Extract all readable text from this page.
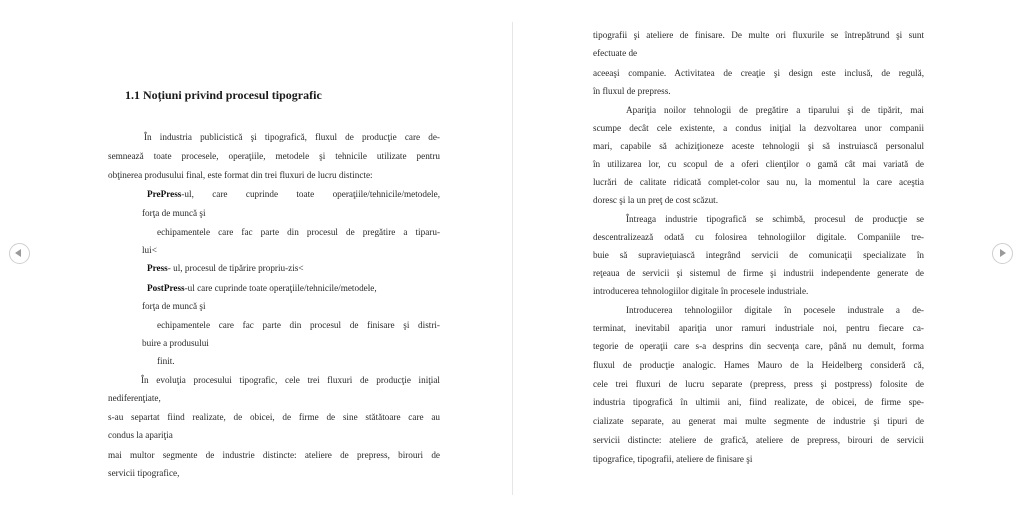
1.1 Noțiuni privind procesul tipografic
În industria publicistică şi tipografică, fluxul de producţie care de-
semnează toate procesele, operaţiile, metodele şi tehnicile utilizate pentru
obţinerea produsului final, este format din trei fluxuri de lucru distincte:
PrePress-ul, care cuprinde toate operaţiile/tehnicile/metodele,
forţa de muncă şi
echipamentele care fac parte din procesul de pregătire a tiparu-
lui<
Press- ul, procesul de tipărire propriu-zis<
PostPress-ul care cuprinde toate operaţiile/tehnicile/metodele,
forţa de muncă şi
echipamentele care fac parte din procesul de finisare şi distri-
buire a produsului
finit.
În evoluţia procesului tipografic, cele trei fluxuri de producţie iniţial
nediferenţiate,
s-au separtat fiind realizate, de obicei, de firme de sine stătătoare care au
condus la apariţia
mai multor segmente de industrie distincte: ateliere de prepress, birouri de
servicii tipografice,
tipografii şi ateliere de finisare. De multe ori fluxurile se întrepătrund şi sunt
efectuate de
aceeaşi companie. Activitatea de creaţie şi design este inclusă, de regulă,
în fluxul de prepress.
Apariţia noilor tehnologii de pregătire a tiparului şi de tipărit, mai
scumpe decât cele existente, a condus iniţial la dezvoltarea unor companii
mari, capabile să achiziţioneze aceste tehnologii şi să instruiască personalul
în utilizarea lor, cu scopul de a oferi clienţilor o gamă cât mai variată de
lucrări de calitate ridicată complet-color sau nu, la momentul la care aceştia
doresc şi la un preţ de cost scăzut.
Întreaga industrie tipografică se schimbă, procesul de producţie se
descentralizează odată cu folosirea tehnologiilor digitale. Companiile tre-
buie să supravieţuiască integrând servicii de comunicaţii specializate în
reţeaua de servicii şi sistemul de firme şi industrii independente generate de
introducerea tehnologiilor digitale în procesele industriale.
Introducerea tehnologiilor digitale în pocesele industrale a de-
terminat, inevitabil apariţia unor ramuri industriale noi, pentru fiecare ca-
tegorie de operaţii care s-a desprins din secvenţa care, până nu demult, forma
fluxul de producţie analogic. Hames Mauro de la Heidelberg consideră că,
cele trei fluxuri de lucru separate (prepress, press şi postpress) folosite de
industria tipografică în ultimii ani, fiind realizate, de obicei, de firme spe-
cializate separate, au generat mai multe segmente de industrie şi tipuri de
servicii distincte: ateliere de grafică, ateliere de prepress, birouri de servicii
tipografice, tipografii, ateliere de finisare şi
